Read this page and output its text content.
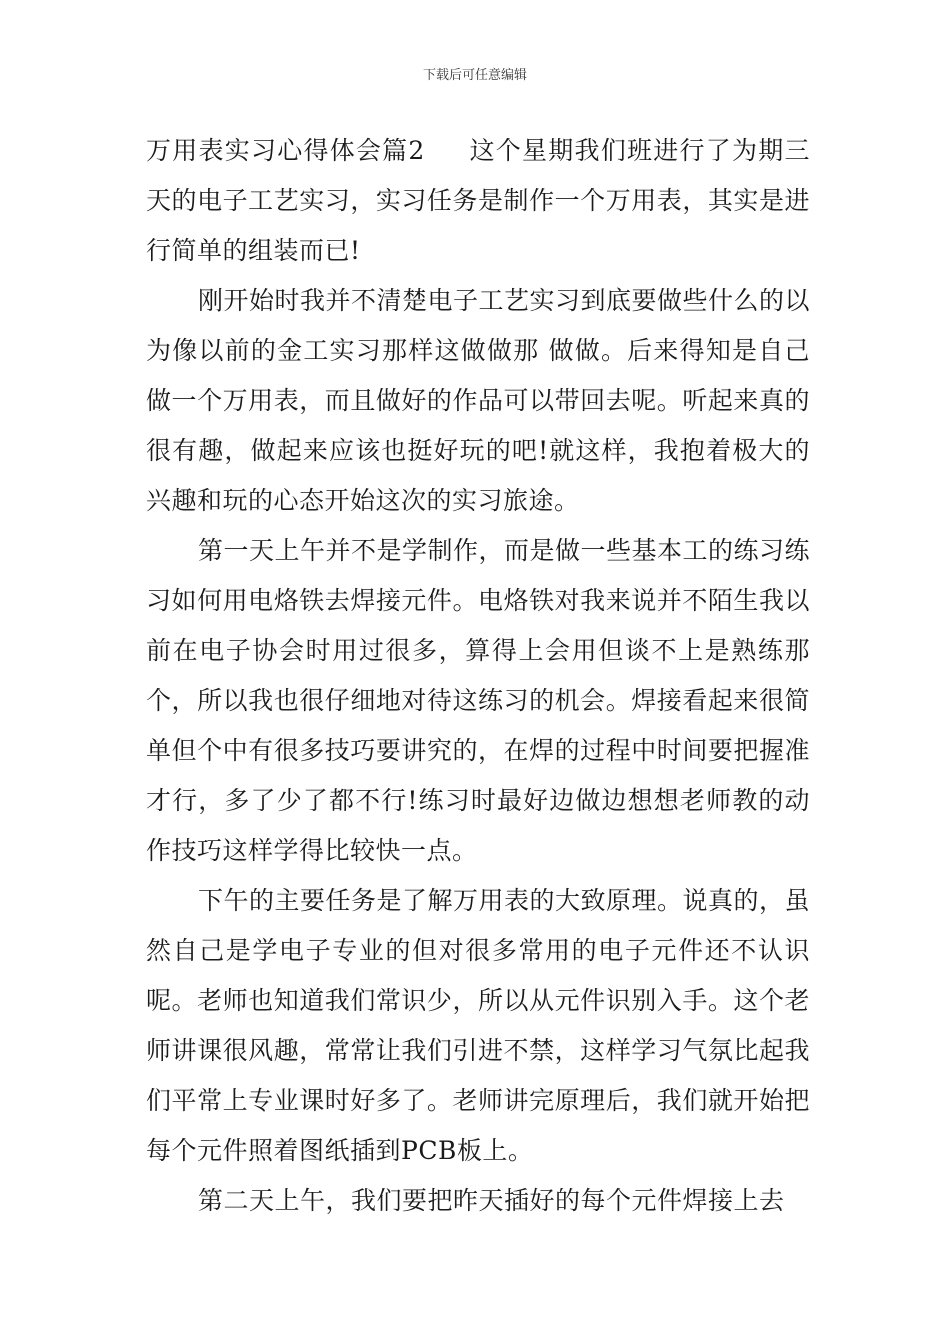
下载后可任意编辑

万用表实习心得体会篇2 这个星期我们班进行了为期三天的电子工艺实习，实习任务是制作一个万用表，其实是进行简单的组装而已!

刚开始时我并不清楚电子工艺实习到底要做些什么的以为像以前的金工实习那样这做做那 做做。后来得知是自己做一个万用表，而且做好的作品可以带回去呢。听起来真的很有趣，做起来应该也挺好玩的吧!就这样，我抱着极大的兴趣和玩的心态开始这次的实习旅途。

第一天上午并不是学制作，而是做一些基本工的练习练习如何用电烙铁去焊接元件。电烙铁对我来说并不陌生我以前在电子协会时用过很多，算得上会用但谈不上是熟练那个，所以我也很仔细地对待这练习的机会。焊接看起来很简单但个中有很多技巧要讲究的，在焊的过程中时间要把握准才行，多了少了都不行!练习时最好边做边想想老师教的动作技巧这样学得比较快一点。

下午的主要任务是了解万用表的大致原理。说真的，虽然自己是学电子专业的但对很多常用的电子元件还不认识呢。老师也知道我们常识少，所以从元件识别入手。这个老师讲课很风趣，常常让我们引进不禁，这样学习气氛比起我们平常上专业课时好多了。老师讲完原理后，我们就开始把每个元件照着图纸插到PCB板上。

第二天上午，我们要把昨天插好的每个元件焊接上去
